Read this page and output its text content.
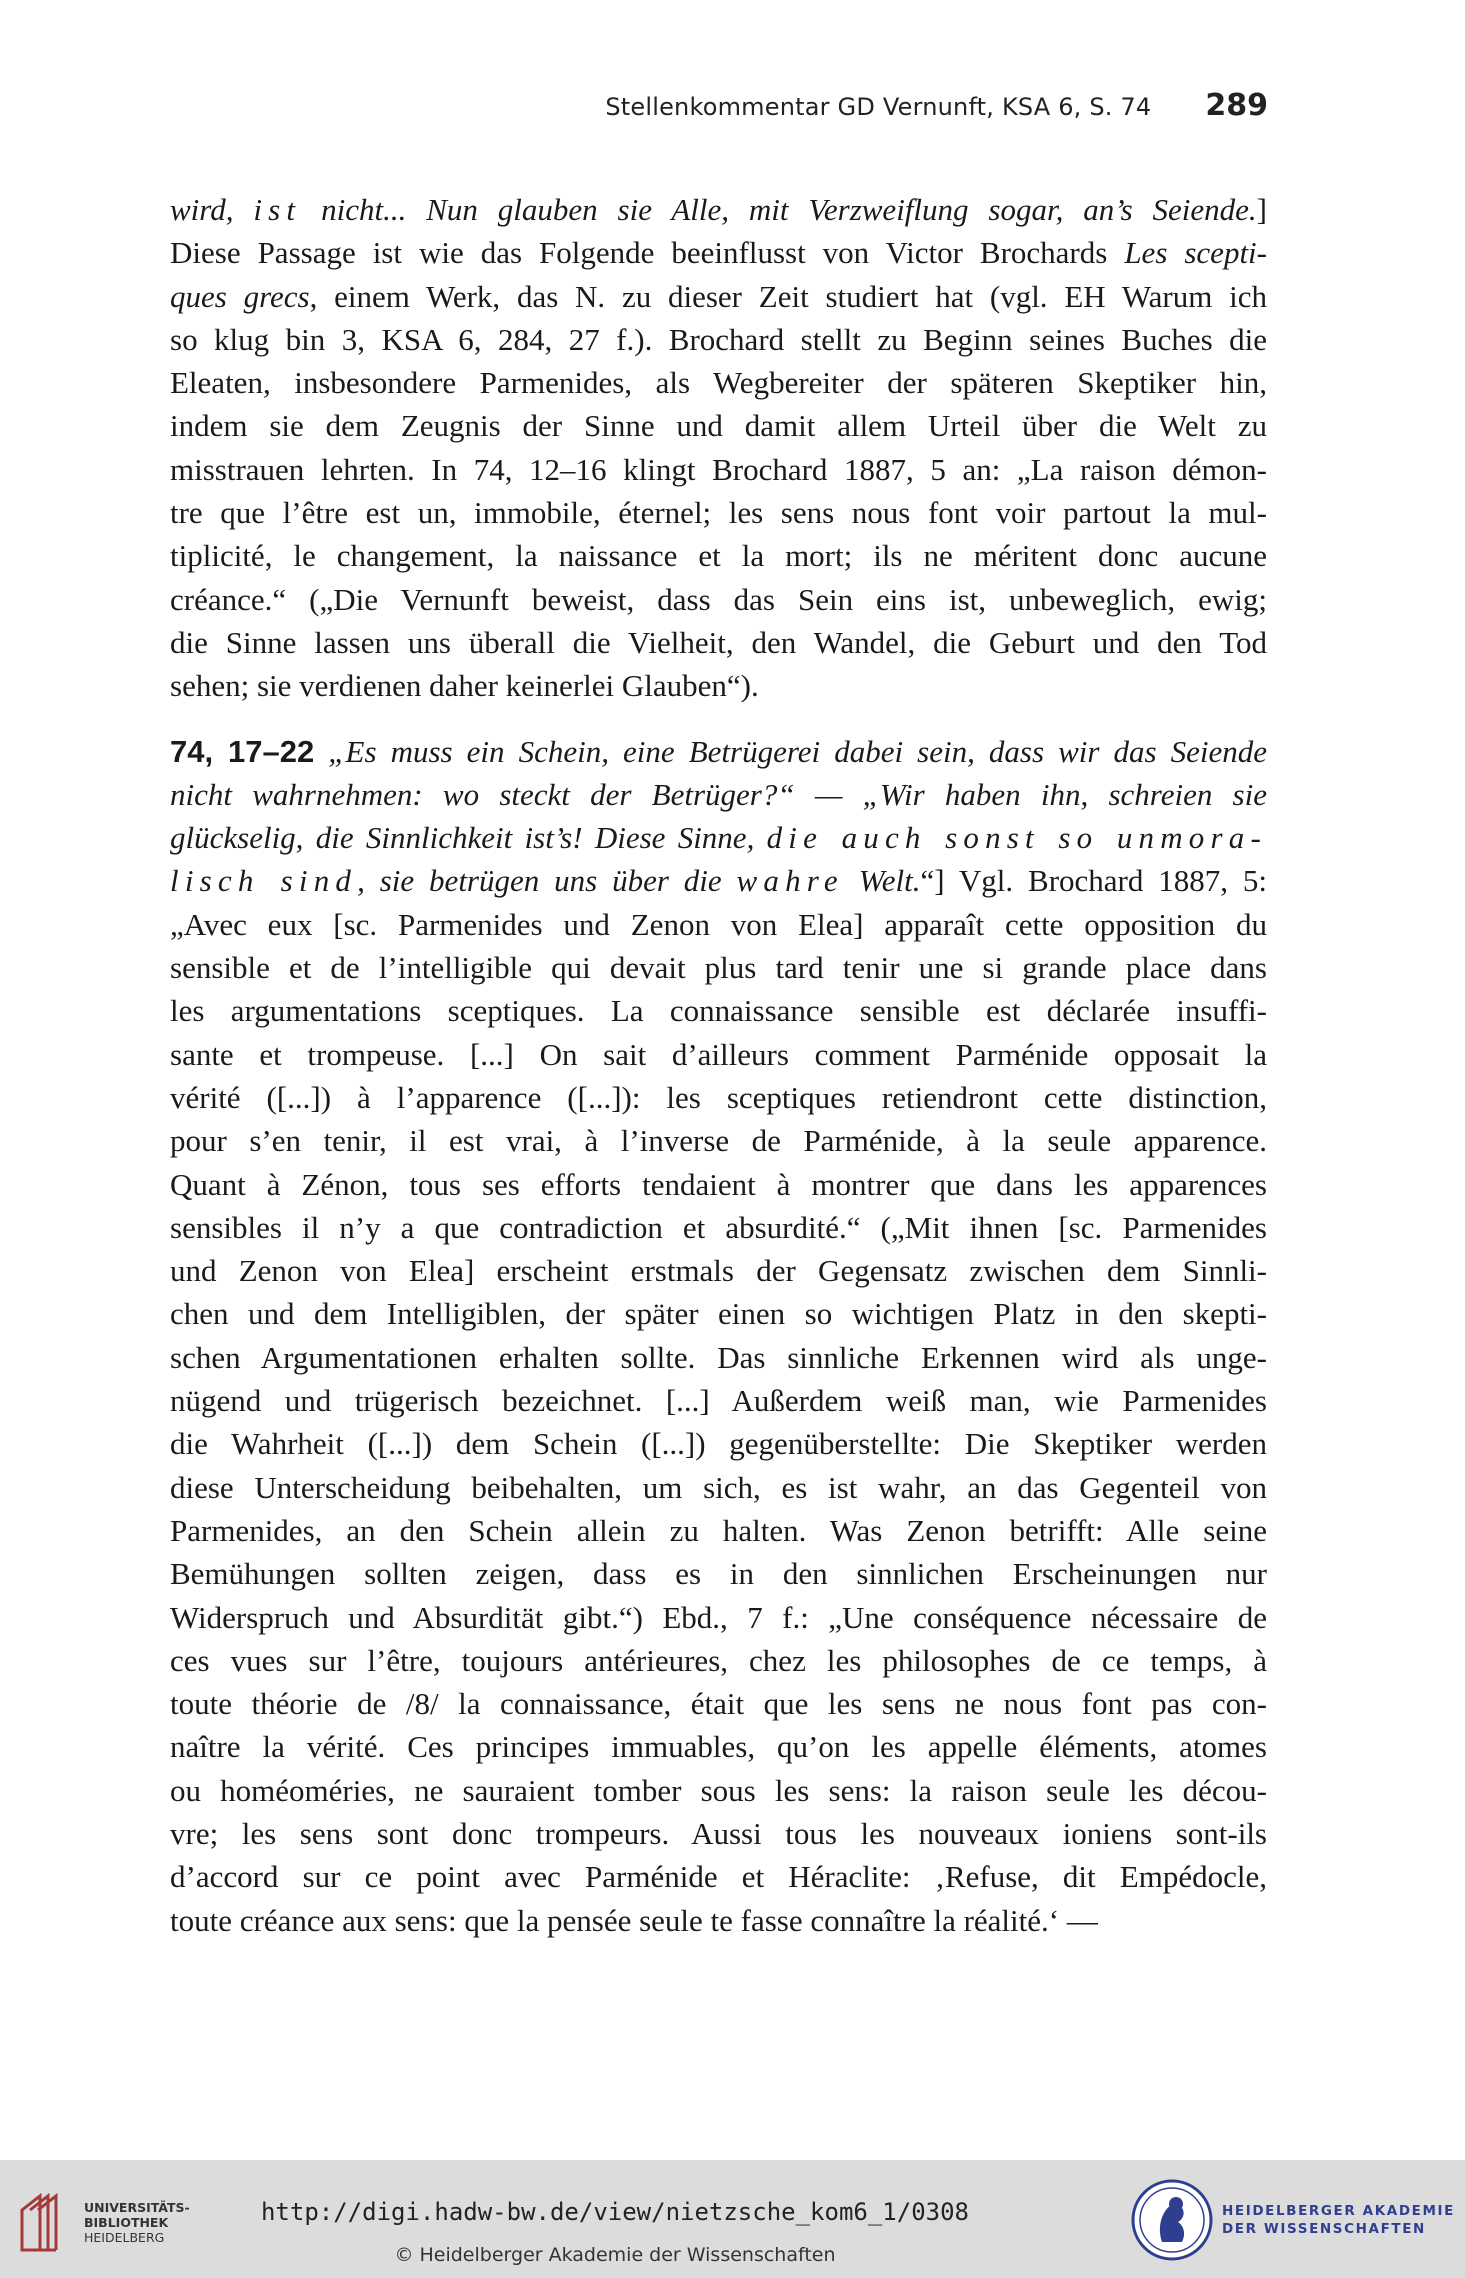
Stellenkommentar GD Vernunft, KSA 6, S. 74 289
wird, ist nicht... Nun glauben sie Alle, mit Verzweiflung sogar, an’s Seiende.]
Diese Passage ist wie das Folgende beeinflusst von Victor Brochards Les scepti-
ques grecs, einem Werk, das N. zu dieser Zeit studiert hat (vgl. EH Warum ich
so klug bin 3, KSA 6, 284, 27 f.). Brochard stellt zu Beginn seines Buches die
Eleaten, insbesondere Parmenides, als Wegbereiter der späteren Skeptiker hin,
indem sie dem Zeugnis der Sinne und damit allem Urteil über die Welt zu
misstrauen lehrten. In 74, 12–16 klingt Brochard 1887, 5 an: „La raison démon-
tre que l’être est un, immobile, éternel; les sens nous font voir partout la mul-
tiplicité, le changement, la naissance et la mort; ils ne méritent donc aucune
créance.“ („Die Vernunft beweist, dass das Sein eins ist, unbeweglich, ewig;
die Sinne lassen uns überall die Vielheit, den Wandel, die Geburt und den Tod
sehen; sie verdienen daher keinerlei Glauben“).
74, 17–22 „Es muss ein Schein, eine Betrügerei dabei sein, dass wir das Seiende
nicht wahrnehmen: wo steckt der Betrüger?“ — „Wir haben ihn, schreien sie
glückselig, die Sinnlichkeit ist’s! Diese Sinne, die auch sonst so unmora-
lisch sind, sie betrügen uns über die wahre Welt.“] Vgl. Brochard 1887, 5:
„Avec eux [sc. Parmenides und Zenon von Elea] apparaît cette opposition du
sensible et de l’intelligible qui devait plus tard tenir une si grande place dans
les argumentations sceptiques. La connaissance sensible est déclarée insuffi-
sante et trompeuse. [...] On sait d’ailleurs comment Parménide opposait la
vérité ([...]) à l’apparence ([...]): les sceptiques retiendront cette distinction,
pour s’en tenir, il est vrai, à l’inverse de Parménide, à la seule apparence.
Quant à Zénon, tous ses efforts tendaient à montrer que dans les apparences
sensibles il n’y a que contradiction et absurdité.“ („Mit ihnen [sc. Parmenides
und Zenon von Elea] erscheint erstmals der Gegensatz zwischen dem Sinnli-
chen und dem Intelligiblen, der später einen so wichtigen Platz in den skepti-
schen Argumentationen erhalten sollte. Das sinnliche Erkennen wird als unge-
nügend und trügerisch bezeichnet. [...] Außerdem weiß man, wie Parmenides
die Wahrheit ([...]) dem Schein ([...]) gegenüberstellte: Die Skeptiker werden
diese Unterscheidung beibehalten, um sich, es ist wahr, an das Gegenteil von
Parmenides, an den Schein allein zu halten. Was Zenon betrifft: Alle seine
Bemühungen sollten zeigen, dass es in den sinnlichen Erscheinungen nur
Widerspruch und Absurdität gibt.“) Ebd., 7 f.: „Une conséquence nécessaire de
ces vues sur l’être, toujours antérieures, chez les philosophes de ce temps, à
toute théorie de /8/ la connaissance, était que les sens ne nous font pas con-
naître la vérité. Ces principes immuables, qu’on les appelle éléments, atomes
ou homéoméries, ne sauraient tomber sous les sens: la raison seule les décou-
vre; les sens sont donc trompeurs. Aussi tous les nouveaux ioniens sont-ils
d’accord sur ce point avec Parménide et Héraclite: ‚Refuse, dit Empédocle,
toute créance aux sens: que la pensée seule te fasse connaître la réalité.‘ —
UNIVERSITÄTS-
BIBLIOTHEK
HEIDELBERG
http://digi.hadw-bw.de/view/nietzsche_kom6_1/0308
© Heidelberger Akademie der Wissenschaften
HEIDELBERGER AKADEMIE
DER WISSENSCHAFTEN
